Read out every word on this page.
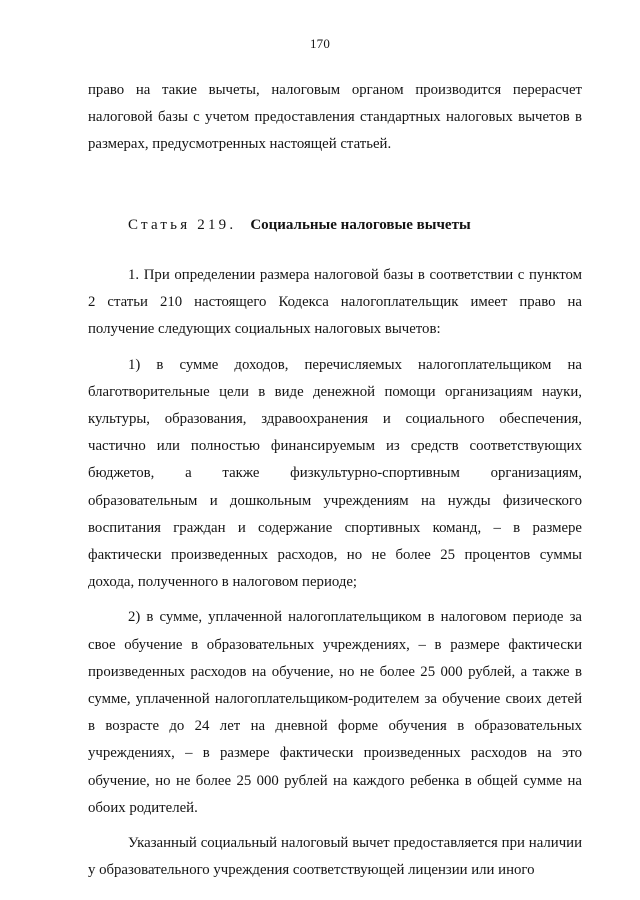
170

право на такие вычеты, налоговым органом производится перерасчет налоговой базы с учетом предоставления стандартных налоговых вычетов в размерах, предусмотренных настоящей статьей.

Статья 219. Социальные налоговые вычеты

1. При определении размера налоговой базы в соответствии с пунктом 2 статьи 210 настоящего Кодекса налогоплательщик имеет право на получение следующих социальных налоговых вычетов:

1) в сумме доходов, перечисляемых налогоплательщиком на благотворительные цели в виде денежной помощи организациям науки, культуры, образования, здравоохранения и социального обеспечения, частично или полностью финансируемым из средств соответствующих бюджетов, а также физкультурно-спортивным организациям, образовательным и дошкольным учреждениям на нужды физического воспитания граждан и содержание спортивных команд, – в размере фактически произведенных расходов, но не более 25 процентов суммы дохода, полученного в налоговом периоде;

2) в сумме, уплаченной налогоплательщиком в налоговом периоде за свое обучение в образовательных учреждениях, – в размере фактически произведенных расходов на обучение, но не более 25 000 рублей, а также в сумме, уплаченной налогоплательщиком-родителем за обучение своих детей в возрасте до 24 лет на дневной форме обучения в образовательных учреждениях, – в размере фактически произведенных расходов на это обучение, но не более 25 000 рублей на каждого ребенка в общей сумме на обоих родителей.

Указанный социальный налоговый вычет предоставляется при наличии у образовательного учреждения соответствующей лицензии или иного
